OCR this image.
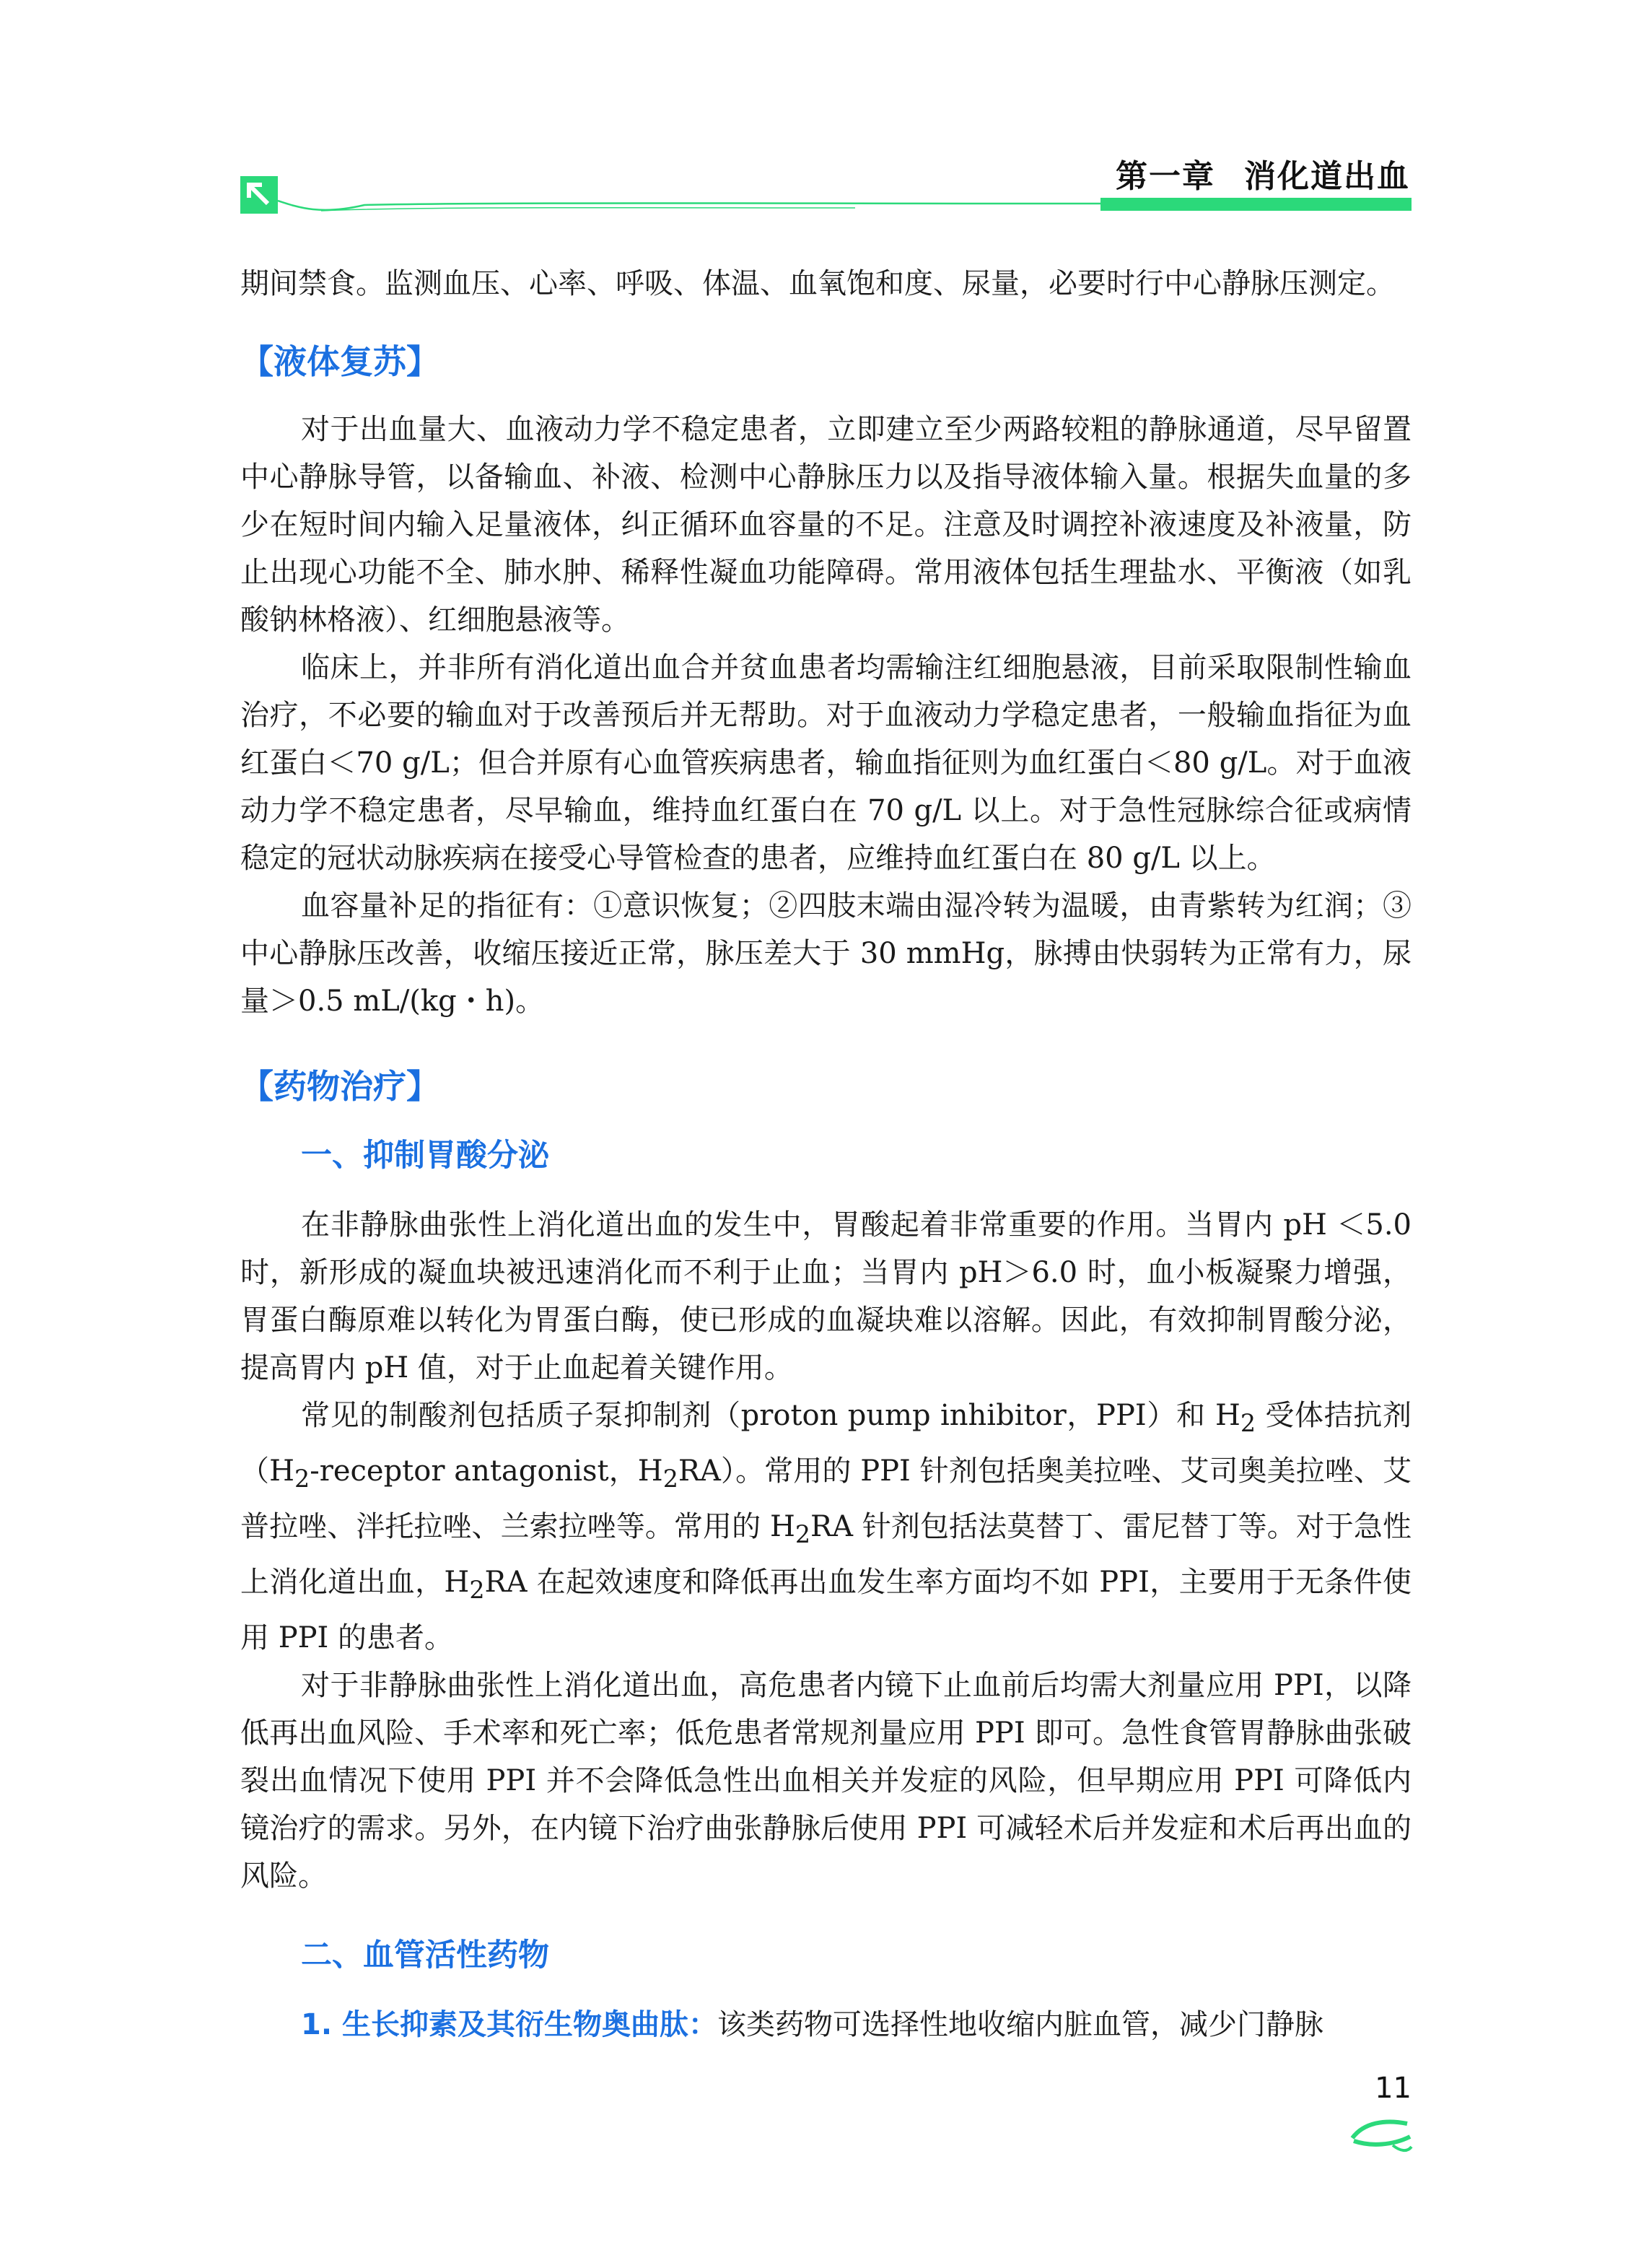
第一章 消化道出血

期间禁食。监测血压、心率、呼吸、体温、血氧饱和度、尿量，必要时行中心静脉压测定。

【液体复苏】

对于出血量大、血液动力学不稳定患者，立即建立至少两路较粗的静脉通道，尽早留置中心静脉导管，以备输血、补液、检测中心静脉压力以及指导液体输入量。根据失血量的多少在短时间内输入足量液体，纠正循环血容量的不足。注意及时调控补液速度及补液量，防止出现心功能不全、肺水肿、稀释性凝血功能障碍。常用液体包括生理盐水、平衡液（如乳酸钠林格液）、红细胞悬液等。

临床上，并非所有消化道出血合并贫血患者均需输注红细胞悬液，目前采取限制性输血治疗，不必要的输血对于改善预后并无帮助。对于血液动力学稳定患者，一般输血指征为血红蛋白＜70 g/L；但合并原有心血管疾病患者，输血指征则为血红蛋白＜80 g/L。对于血液动力学不稳定患者，尽早输血，维持血红蛋白在 70 g/L 以上。对于急性冠脉综合征或病情稳定的冠状动脉疾病在接受心导管检查的患者，应维持血红蛋白在 80 g/L 以上。

血容量补足的指征有：①意识恢复；②四肢末端由湿冷转为温暖，由青紫转为红润；③中心静脉压改善，收缩压接近正常，脉压差大于 30 mmHg，脉搏由快弱转为正常有力，尿量＞0.5 mL/(kg・h)。

【药物治疗】
一、抑制胃酸分泌

在非静脉曲张性上消化道出血的发生中，胃酸起着非常重要的作用。当胃内 pH ＜5.0 时，新形成的凝血块被迅速消化而不利于止血；当胃内 pH＞6.0 时，血小板凝聚力增强，胃蛋白酶原难以转化为胃蛋白酶，使已形成的血凝块难以溶解。因此，有效抑制胃酸分泌，提高胃内 pH 值，对于止血起着关键作用。

常见的制酸剂包括质子泵抑制剂（proton pump inhibitor，PPI）和 $H_2$ 受体拮抗剂（$H_2$-receptor antagonist，$H_2RA$）。常用的 PPI 针剂包括奥美拉唑、艾司奥美拉唑、艾普拉唑、泮托拉唑、兰索拉唑等。常用的 $H_2RA$ 针剂包括法莫替丁、雷尼替丁等。对于急性上消化道出血，$H_2RA$ 在起效速度和降低再出血发生率方面均不如 PPI，主要用于无条件使用 PPI 的患者。

对于非静脉曲张性上消化道出血，高危患者内镜下止血前后均需大剂量应用 PPI，以降低再出血风险、手术率和死亡率；低危患者常规剂量应用 PPI 即可。急性食管胃静脉曲张破裂出血情况下使用 PPI 并不会降低急性出血相关并发症的风险，但早期应用 PPI 可降低内镜治疗的需求。另外，在内镜下治疗曲张静脉后使用 PPI 可减轻术后并发症和术后再出血的风险。

二、血管活性药物

1. 生长抑素及其衍生物奥曲肽：该类药物可选择性地收缩内脏血管，减少门静脉

11
